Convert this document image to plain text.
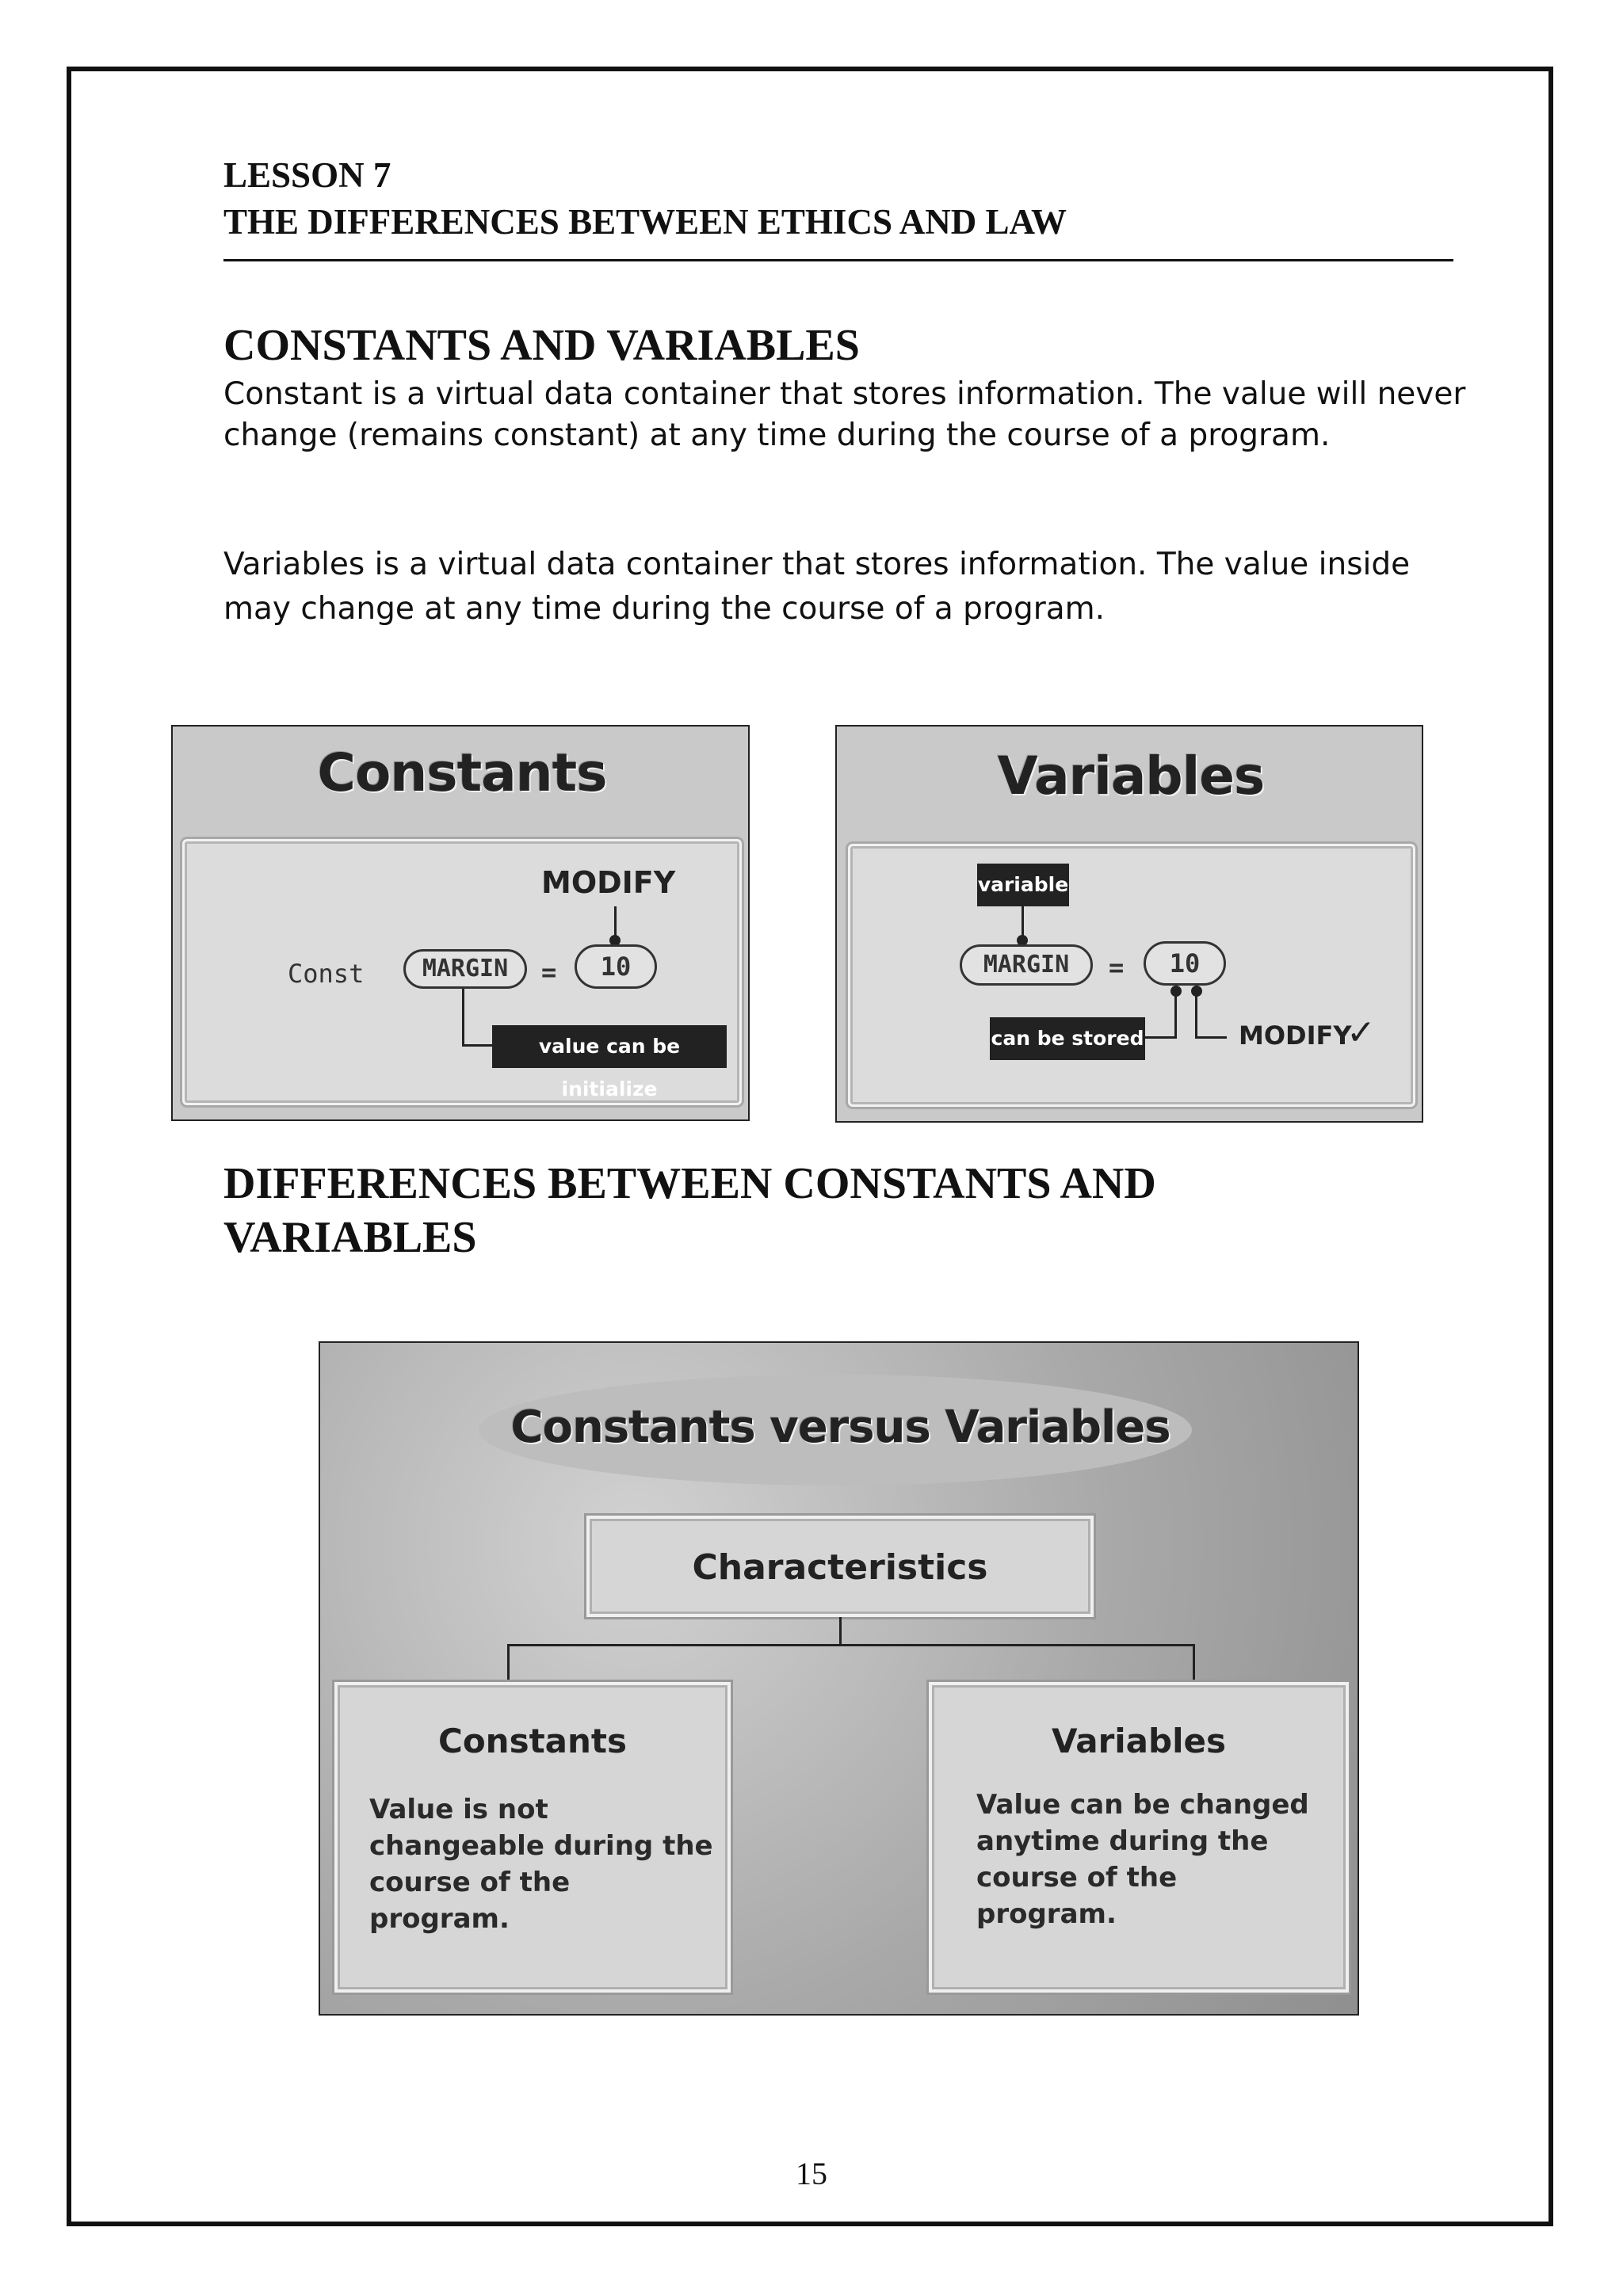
LESSON 7
THE DIFFERENCES BETWEEN ETHICS AND LAW
CONSTANTS AND VARIABLES
Constant is a virtual data container that stores information. The value will never change (remains constant) at any time during the course of a program.
Variables is a virtual data container that stores information. The value inside may change at any time during the course of a program.
Constants
MODIFY
Const	MARGIN	=	10
value can be initialize
Variables
variable
MARGIN	=	10
can be stored	MODIFY
✓
DIFFERENCES BETWEEN CONSTANTS AND VARIABLES
Constants versus Variables
Characteristics
Constants
Value is not changeable during the course of the program.
Variables
Value can be changed anytime during the course of the program.
15
